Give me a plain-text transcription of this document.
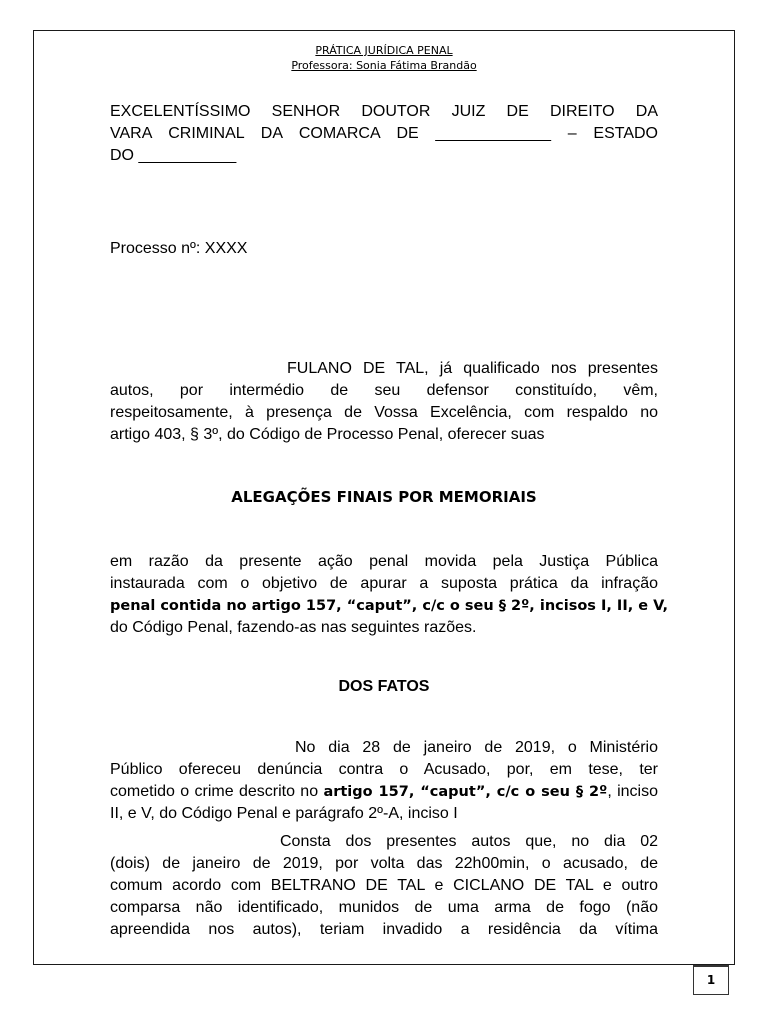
PRÁTICA JURÍDICA PENAL
Professora: Sonia Fátima Brandão
EXCELENTÍSSIMO SENHOR DOUTOR JUIZ DE DIREITO DA
VARA CRIMINAL DA COMARCA DE _____________ – ESTADO
DO ___________
Processo nº: XXXX
FULANO DE TAL, já qualificado nos presentes
autos, por intermédio de seu defensor constituído, vêm,
respeitosamente, à presença de Vossa Excelência, com respaldo no
artigo 403, § 3º, do Código de Processo Penal, oferecer suas
ALEGAÇÕES FINAIS POR MEMORIAIS
em razão da presente ação penal movida pela Justiça Pública
instaurada com o objetivo de apurar a suposta prática da infração
penal contida no artigo 157, “caput”, c/c o seu § 2º, incisos I, II, e V,
do Código Penal, fazendo-as nas seguintes razões.
DOS FATOS
No dia 28 de janeiro de 2019, o Ministério
Público ofereceu denúncia contra o Acusado, por, em tese, ter
cometido o crime descrito no artigo 157, “caput”, c/c o seu § 2º, inciso
II, e V, do Código Penal e parágrafo 2º-A, inciso I
Consta dos presentes autos que, no dia 02
(dois) de janeiro de 2019, por volta das 22h00min, o acusado, de
comum acordo com BELTRANO DE TAL e CICLANO DE TAL e outro
comparsa não identificado, munidos de uma arma de fogo (não
apreendida nos autos), teriam invadido a residência da vítima
1
